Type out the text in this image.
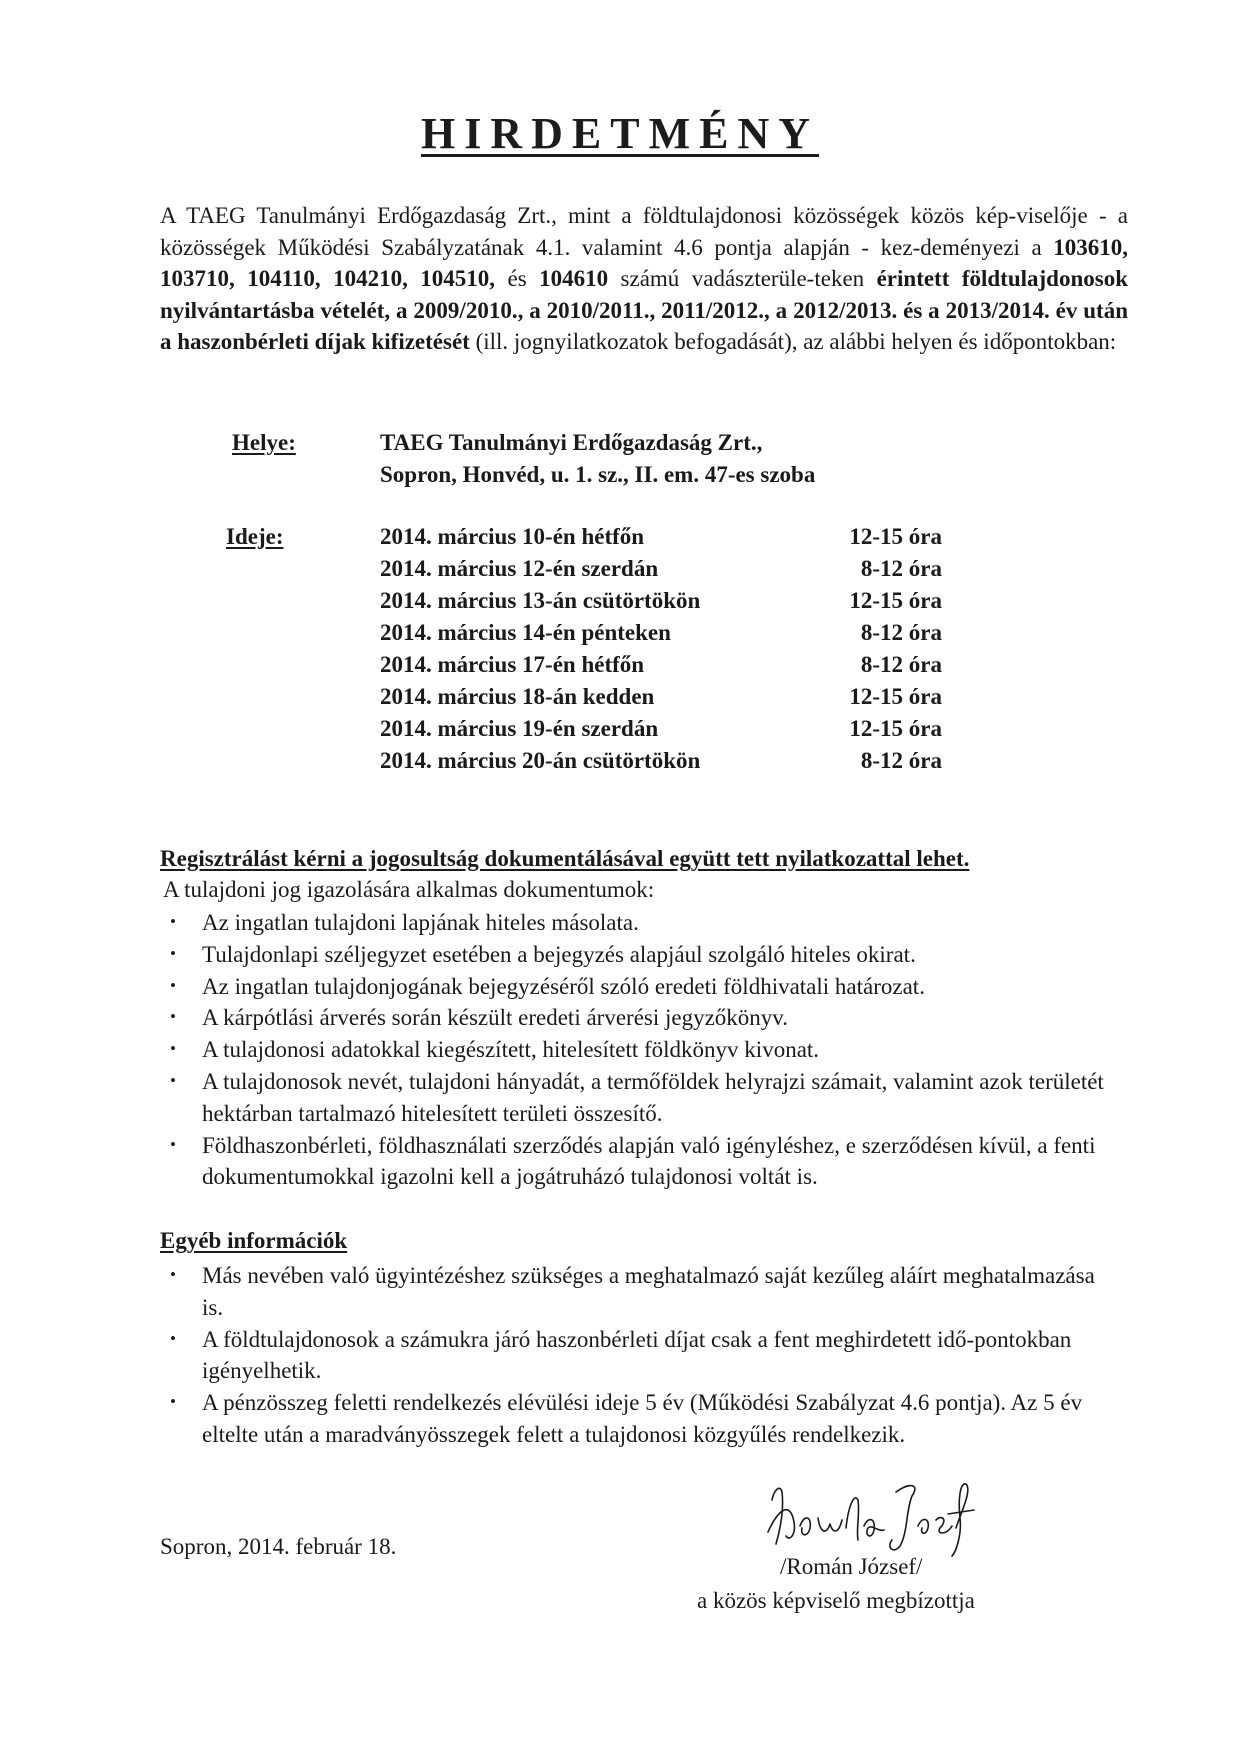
HIRDETMÉNY
A TAEG Tanulmányi Erdőgazdaság Zrt., mint a földtulajdonosi közösségek közös kép-viselője - a közösségek Működési Szabályzatának 4.1. valamint 4.6 pontja alapján - kez-deményezi a 103610, 103710, 104110, 104210, 104510, és 104610 számú vadászterüle-teken érintett földtulajdonosok nyilvántartásba vételét, a 2009/2010., a 2010/2011., 2011/2012., a 2012/2013. és a 2013/2014. év után a haszonbérleti díjak kifizetését (ill. jognyilatkozatok befogadását), az alábbi helyen és időpontokban:
Helye:	TAEG Tanulmányi Erdőgazdaság Zrt.,
Sopron, Honvéd, u. 1. sz., II. em. 47-es szoba
Ideje:	2014. március 10-én hétfőn	12-15 óra
2014. március 12-én szerdán	8-12 óra
2014. március 13-án csütörtökön	12-15 óra
2014. március 14-én pénteken	8-12 óra
2014. március 17-én hétfőn	8-12 óra
2014. március 18-án kedden	12-15 óra
2014. március 19-én szerdán	12-15 óra
2014. március 20-án csütörtökön	8-12 óra
Regisztrálást kérni a jogosultság dokumentálásával együtt tett nyilatkozattal lehet.
A tulajdoni jog igazolására alkalmas dokumentumok:
• Az ingatlan tulajdoni lapjának hiteles másolata.
• Tulajdonlapi széljegyzet esetében a bejegyzés alapjául szolgáló hiteles okirat.
• Az ingatlan tulajdonjogának bejegyzéséről szóló eredeti földhivatali határozat.
• A kárpótlási árverés során készült eredeti árverési jegyzőkönyv.
• A tulajdonosi adatokkal kiegészített, hitelesített földkönyv kivonat.
• A tulajdonosok nevét, tulajdoni hányadát, a termőföldek helyrajzi számait, valamint azok területét hektárban tartalmazó hitelesített területi összesítő.
• Földhaszonbérleti, földhasználati szerződés alapján való igényléshez, e szerződésen kívül, a fenti dokumentumokkal igazolni kell a jogátruházó tulajdonosi voltát is.
Egyéb információk
• Más nevében való ügyintézéshez szükséges a meghatalmazó saját kezűleg aláírt meghatalmazása is.
• A földtulajdonosok a számukra járó haszonbérleti díjat csak a fent meghirdetett idő-pontokban igényelhetik.
• A pénzösszeg feletti rendelkezés elévülési ideje 5 év (Működési Szabályzat 4.6 pontja). Az 5 év eltelte után a maradványösszegek felett a tulajdonosi közgyűlés rendelkezik.
Sopron, 2014. február 18.
/Román József/
a közös képviselő megbízottja
